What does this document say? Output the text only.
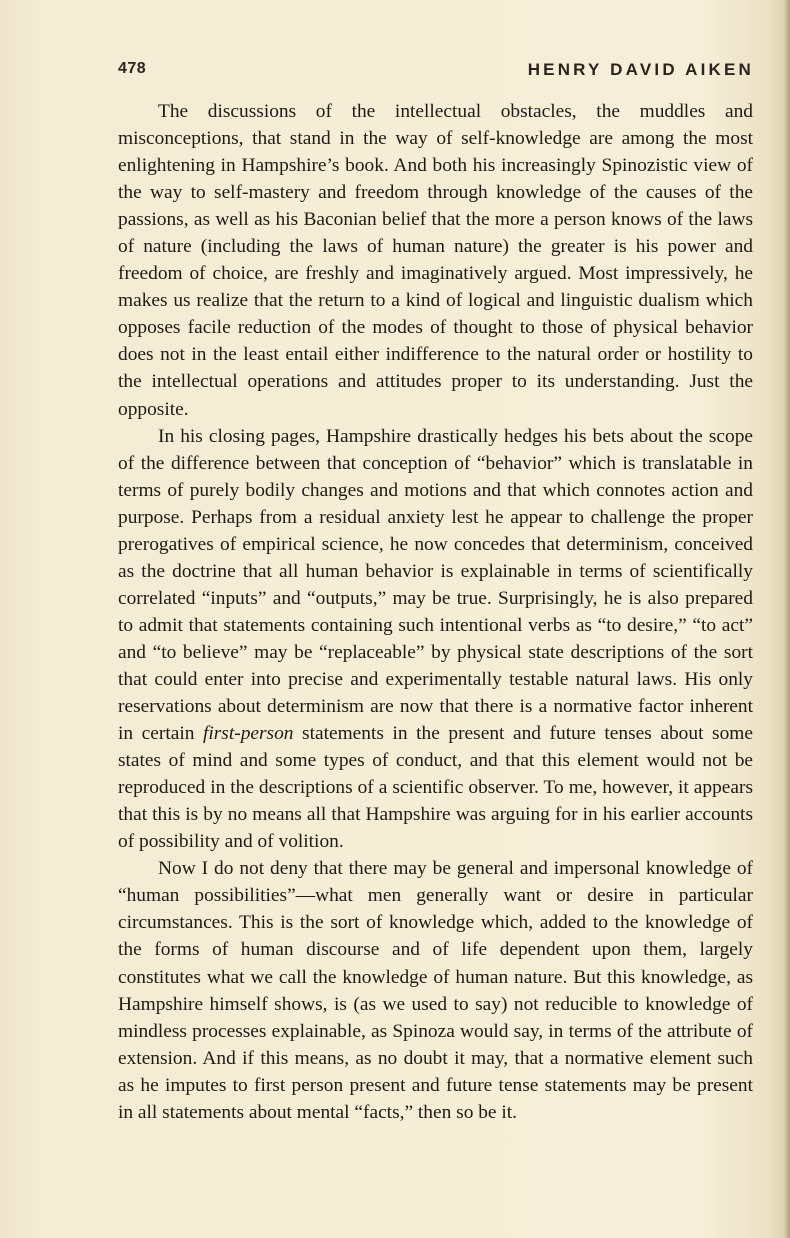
478	HENRY DAVID AIKEN

The discussions of the intellectual obstacles, the muddles and misconceptions, that stand in the way of self-knowledge are among the most enlightening in Hampshire’s book. And both his increasingly Spinozistic view of the way to self-mastery and freedom through knowledge of the causes of the passions, as well as his Baconian belief that the more a person knows of the laws of nature (including the laws of human nature) the greater is his power and freedom of choice, are freshly and imaginatively argued. Most impressively, he makes us realize that the return to a kind of logical and linguistic dualism which opposes facile reduction of the modes of thought to those of physical behavior does not in the least entail either indifference to the natural order or hostility to the intellectual operations and attitudes proper to its understanding. Just the opposite.

In his closing pages, Hampshire drastically hedges his bets about the scope of the difference between that conception of “behavior” which is translatable in terms of purely bodily changes and motions and that which connotes action and purpose. Perhaps from a residual anxiety lest he appear to challenge the proper prerogatives of empirical science, he now concedes that determinism, conceived as the doctrine that all human behavior is explainable in terms of scientifically correlated “inputs” and “outputs,” may be true. Surprisingly, he is also prepared to admit that statements containing such intentional verbs as “to desire,” “to act” and “to believe” may be “replaceable” by physical state descriptions of the sort that could enter into precise and experimentally testable natural laws. His only reservations about determinism are now that there is a normative factor inherent in certain first-person statements in the present and future tenses about some states of mind and some types of conduct, and that this element would not be reproduced in the descriptions of a scientific observer. To me, however, it appears that this is by no means all that Hampshire was arguing for in his earlier accounts of possibility and of volition.

Now I do not deny that there may be general and impersonal knowledge of “human possibilities”—what men generally want or desire in particular circumstances. This is the sort of knowledge which, added to the knowledge of the forms of human discourse and of life dependent upon them, largely constitutes what we call the knowledge of human nature. But this knowledge, as Hampshire himself shows, is (as we used to say) not reducible to knowledge of mindless processes explainable, as Spinoza would say, in terms of the attribute of extension. And if this means, as no doubt it may, that a normative element such as he imputes to first person present and future tense statements may be present in all statements about mental “facts,” then so be it.
